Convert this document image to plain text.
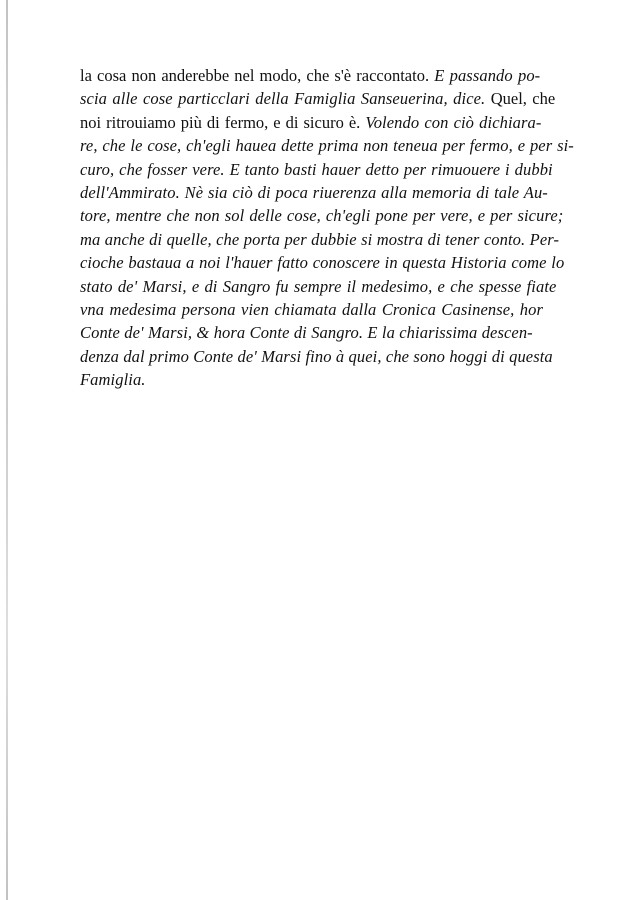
la cosa non anderebbe nel modo, che s'è raccontato. E passando po-
scia alle cose particclari della Famiglia Sanseuerina, dice. Quel, che
noi ritrouiamo più di fermo, e di sicuro è. Volendo con ciò dichiara-
re, che le cose, ch'egli hauea dette prima non teneua per fermo, e per si-
curo, che fosser vere. E tanto basti hauer detto per rimuouere i dubbi
dell'Ammirato. Nè sia ciò di poca riuerenza alla memoria di tale Au-
tore, mentre che non sol delle cose, ch'egli pone per vere, e per sicure;
ma anche di quelle, che porta per dubbie si mostra di tener conto. Per-
cioche bastaua a noi l'hauer fatto conoscere in questa Historia come lo
stato de' Marsi, e di Sangro fu sempre il medesimo, e che spesse fiate
vna medesima persona vien chiamata dalla Cronica Casinense, hor
Conte de' Marsi, & hora Conte di Sangro. E la chiarissima descen-
denza dal primo Conte de' Marsi fino à quei, che sono hoggi di questa
Famiglia.
